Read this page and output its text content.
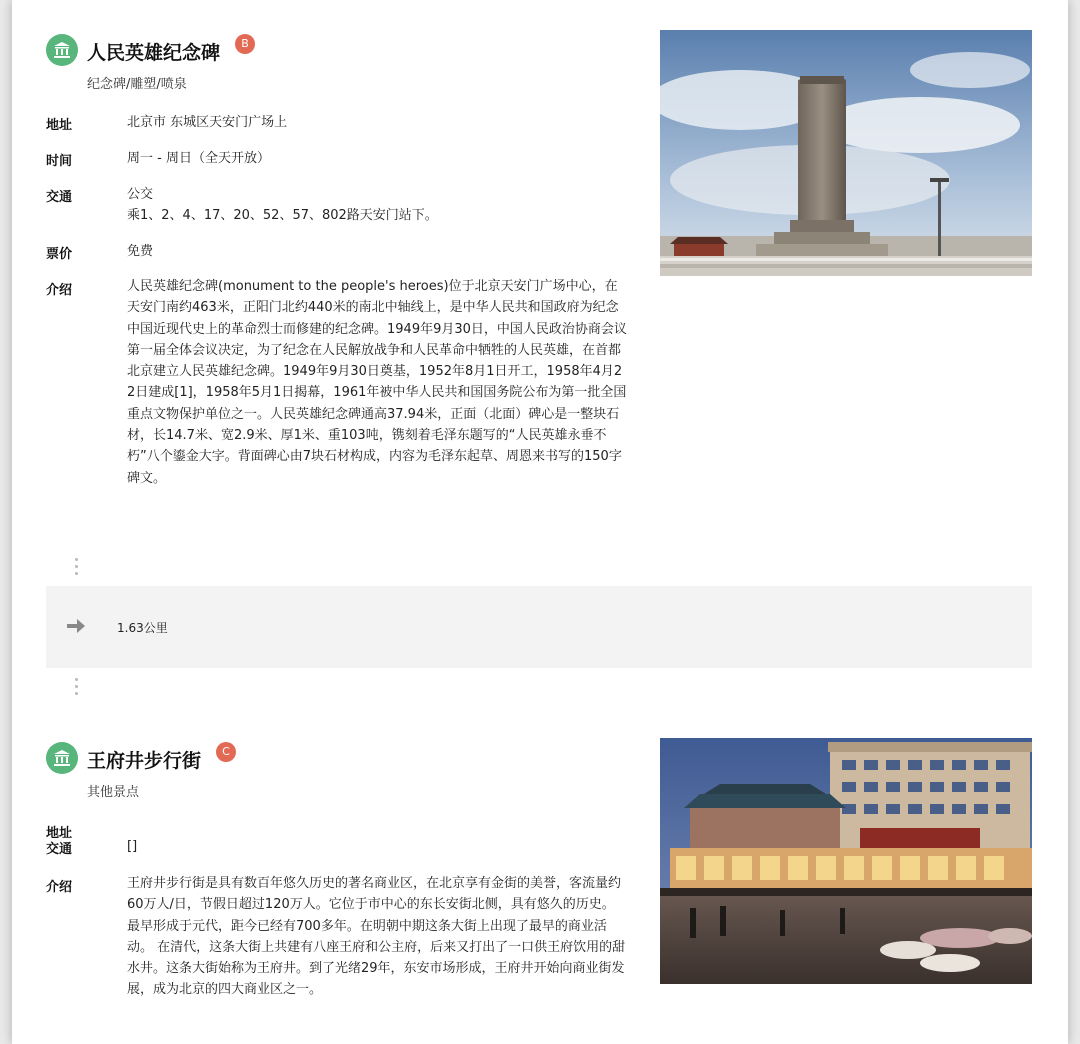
人民英雄纪念碑	B
纪念碑/雕塑/喷泉
地址	北京市 东城区天安门广场上
时间	周一 - 周日（全天开放）
交通	公交
乘1、2、4、17、20、52、57、802路天安门站下。
票价	免费
介绍	人民英雄纪念碑(monument to the people's heroes)位于北京天安门广场中心，在天安门南约463米，正阳门北约440米的南北中轴线上，是中华人民共和国政府为纪念中国近现代史上的革命烈士而修建的纪念碑。1949年9月30日，中国人民政治协商会议第一届全体会议决定，为了纪念在人民解放战争和人民革命中牺牲的人民英雄，在首都北京建立人民英雄纪念碑。1949年9月30日奠基，1952年8月1日开工，1958年4月22日建成[1]，1958年5月1日揭幕，1961年被中华人民共和国国务院公布为第一批全国重点文物保护单位之一。人民英雄纪念碑通高37.94米，正面（北面）碑心是一整块石材，长14.7米、宽2.9米、厚1米、重103吨，镌刻着毛泽东题写的“人民英雄永垂不朽”八个鎏金大字。背面碑心由7块石材构成，内容为毛泽东起草、周恩来书写的150字碑文。
1.63公里
王府井步行街	C
其他景点
地址
交通	[]
介绍	王府井步行街是具有数百年悠久历史的著名商业区，在北京享有金街的美誉，客流量约60万人/日，节假日超过120万人。它位于市中心的东长安街北侧，具有悠久的历史。最早形成于元代，距今已经有700多年。在明朝中期这条大街上出现了最早的商业活动。 在清代，这条大街上共建有八座王府和公主府，后来又打出了一口供王府饮用的甜水井。这条大街始称为王府井。到了光绪29年，东安市场形成，王府井开始向商业街发展，成为北京的四大商业区之一。
